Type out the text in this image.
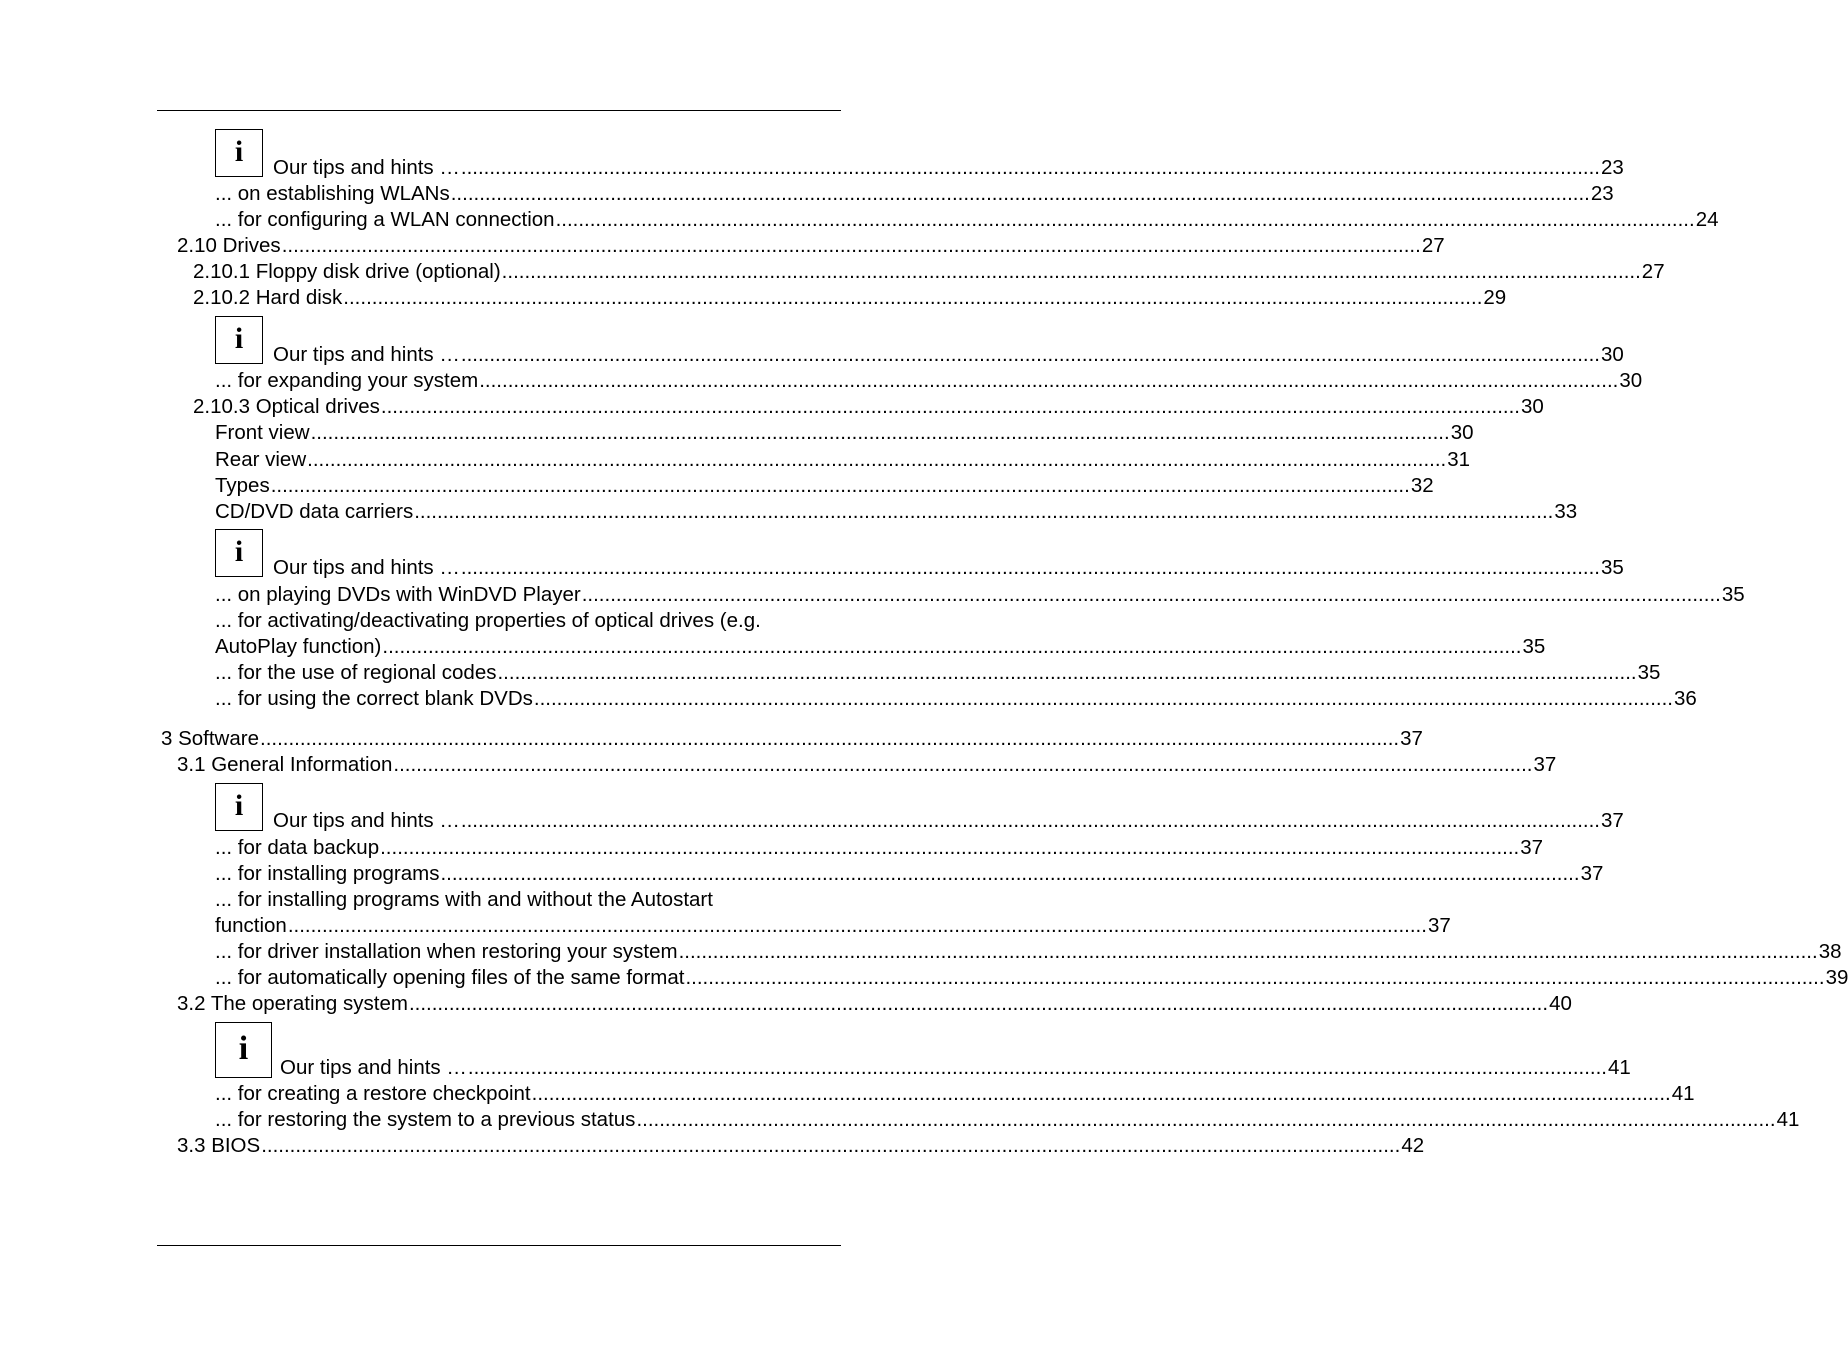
i	Our tips and hints … ........................................................................................................................................................................................................ 23
... on establishing WLANs ........................................................................................................................................................................................................ 23
... for configuring a WLAN connection ........................................................................................................................................................................................................ 24
2.10 Drives ........................................................................................................................................................................................................ 27
2.10.1 Floppy disk drive (optional) ........................................................................................................................................................................................................ 27
2.10.2 Hard disk ........................................................................................................................................................................................................ 29
i	Our tips and hints … ........................................................................................................................................................................................................ 30
... for expanding your system ........................................................................................................................................................................................................ 30
2.10.3 Optical drives ........................................................................................................................................................................................................ 30
Front view ........................................................................................................................................................................................................ 30
Rear view ........................................................................................................................................................................................................ 31
Types ........................................................................................................................................................................................................ 32
CD/DVD data carriers ........................................................................................................................................................................................................ 33
i	Our tips and hints … ........................................................................................................................................................................................................ 35
... on playing DVDs with WinDVD Player ........................................................................................................................................................................................................ 35
... for activating/deactivating properties of optical drives (e.g.
AutoPlay function) ........................................................................................................................................................................................................ 35
... for the use of regional codes ........................................................................................................................................................................................................ 35
... for using the correct blank DVDs ........................................................................................................................................................................................................ 36
3 Software ........................................................................................................................................................................................................ 37
3.1 General Information ........................................................................................................................................................................................................ 37
i	Our tips and hints … ........................................................................................................................................................................................................ 37
... for data backup ........................................................................................................................................................................................................ 37
... for installing programs ........................................................................................................................................................................................................ 37
... for installing programs with and without the Autostart
function ........................................................................................................................................................................................................ 37
... for driver installation when restoring your system ........................................................................................................................................................................................................ 38
... for automatically opening files of the same format ........................................................................................................................................................................................................ 39
3.2 The operating system ........................................................................................................................................................................................................ 40
i
Our tips and hints … ........................................................................................................................................................................................................ 41
... for creating a restore checkpoint ........................................................................................................................................................................................................ 41
... for restoring the system to a previous status ........................................................................................................................................................................................................ 41
3.3 BIOS ........................................................................................................................................................................................................ 42
